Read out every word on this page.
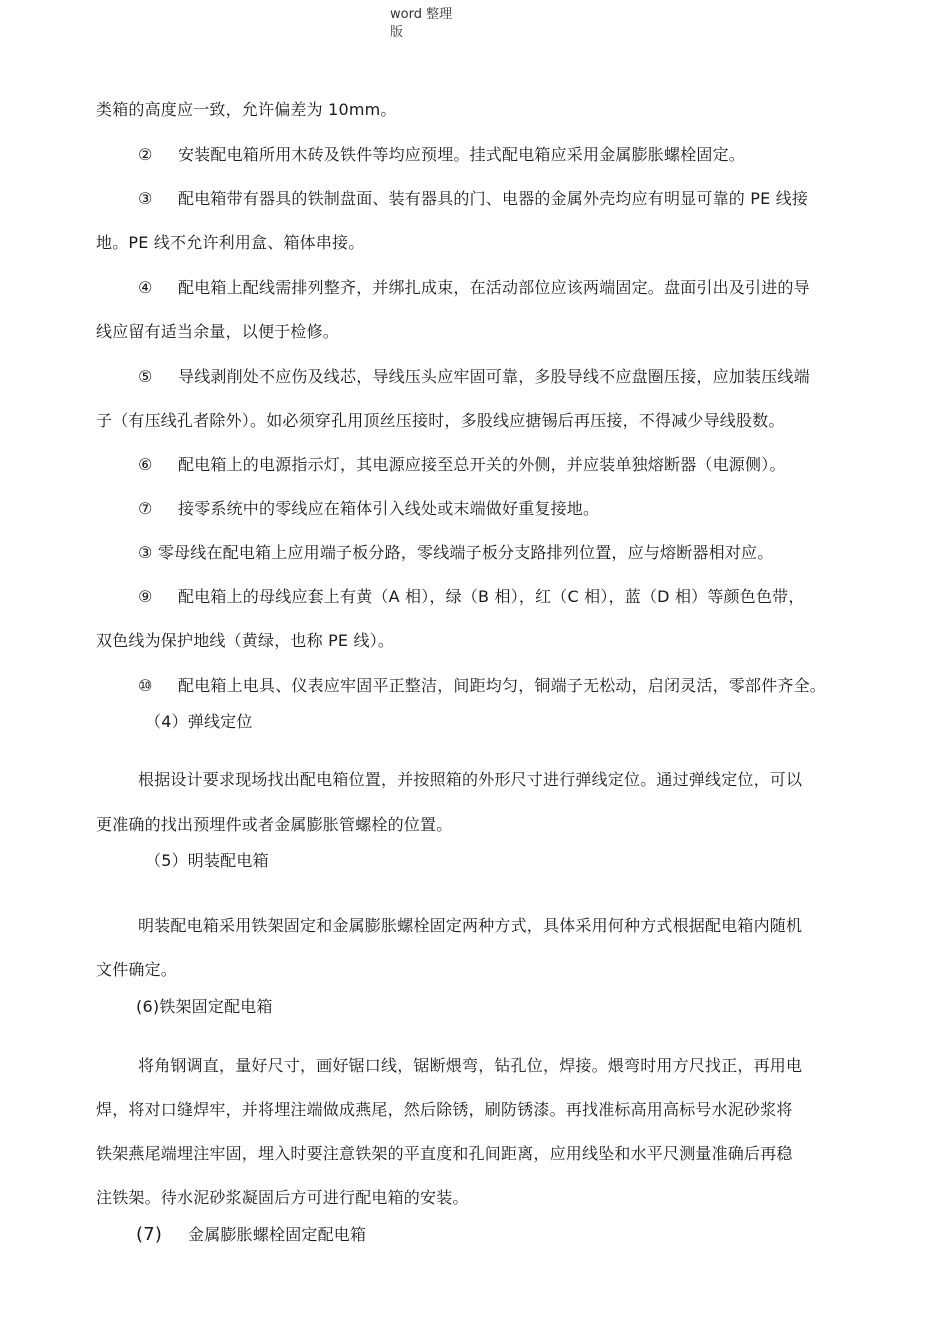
word 整理
版
类箱的高度应一致，允许偏差为 10mm。
② 安装配电箱所用木砖及铁件等均应预埋。挂式配电箱应采用金属膨胀螺栓固定。
③ 配电箱带有器具的铁制盘面、装有器具的门、电器的金属外壳均应有明显可靠的 PE 线接
地。PE 线不允许利用盒、箱体串接。
④ 配电箱上配线需排列整齐，并绑扎成束，在活动部位应该两端固定。盘面引出及引进的导
线应留有适当余量，以便于检修。
⑤ 导线剥削处不应伤及线芯，导线压头应牢固可靠，多股导线不应盘圈压接，应加装压线端
子（有压线孔者除外）。如必须穿孔用顶丝压接时，多股线应搪锡后再压接，不得减少导线股数。
⑥ 配电箱上的电源指示灯，其电源应接至总开关的外侧，并应装单独熔断器（电源侧）。
⑦ 接零系统中的零线应在箱体引入线处或末端做好重复接地。
③ 零母线在配电箱上应用端子板分路，零线端子板分支路排列位置，应与熔断器相对应。
⑨ 配电箱上的母线应套上有黄（A 相），绿（B 相），红（C 相），蓝（D 相）等颜色色带，
双色线为保护地线（黄绿，也称 PE 线）。
⑩ 配电箱上电具、仪表应牢固平正整洁，间距均匀，铜端子无松动，启闭灵活，零部件齐全。
（4）弹线定位
根据设计要求现场找出配电箱位置，并按照箱的外形尺寸进行弹线定位。通过弹线定位，可以
更准确的找出预埋件或者金属膨胀管螺栓的位置。
（5）明装配电箱
明装配电箱采用铁架固定和金属膨胀螺栓固定两种方式，具体采用何种方式根据配电箱内随机
文件确定。
(6)铁架固定配电箱
将角钢调直，量好尺寸，画好锯口线，锯断煨弯，钻孔位，焊接。煨弯时用方尺找正，再用电
焊，将对口缝焊牢，并将埋注端做成燕尾，然后除锈，刷防锈漆。再找准标高用高标号水泥砂浆将
铁架燕尾端埋注牢固，埋入时要注意铁架的平直度和孔间距离，应用线坠和水平尺测量准确后再稳
注铁架。待水泥砂浆凝固后方可进行配电箱的安装。
(7) 金属膨胀螺栓固定配电箱
